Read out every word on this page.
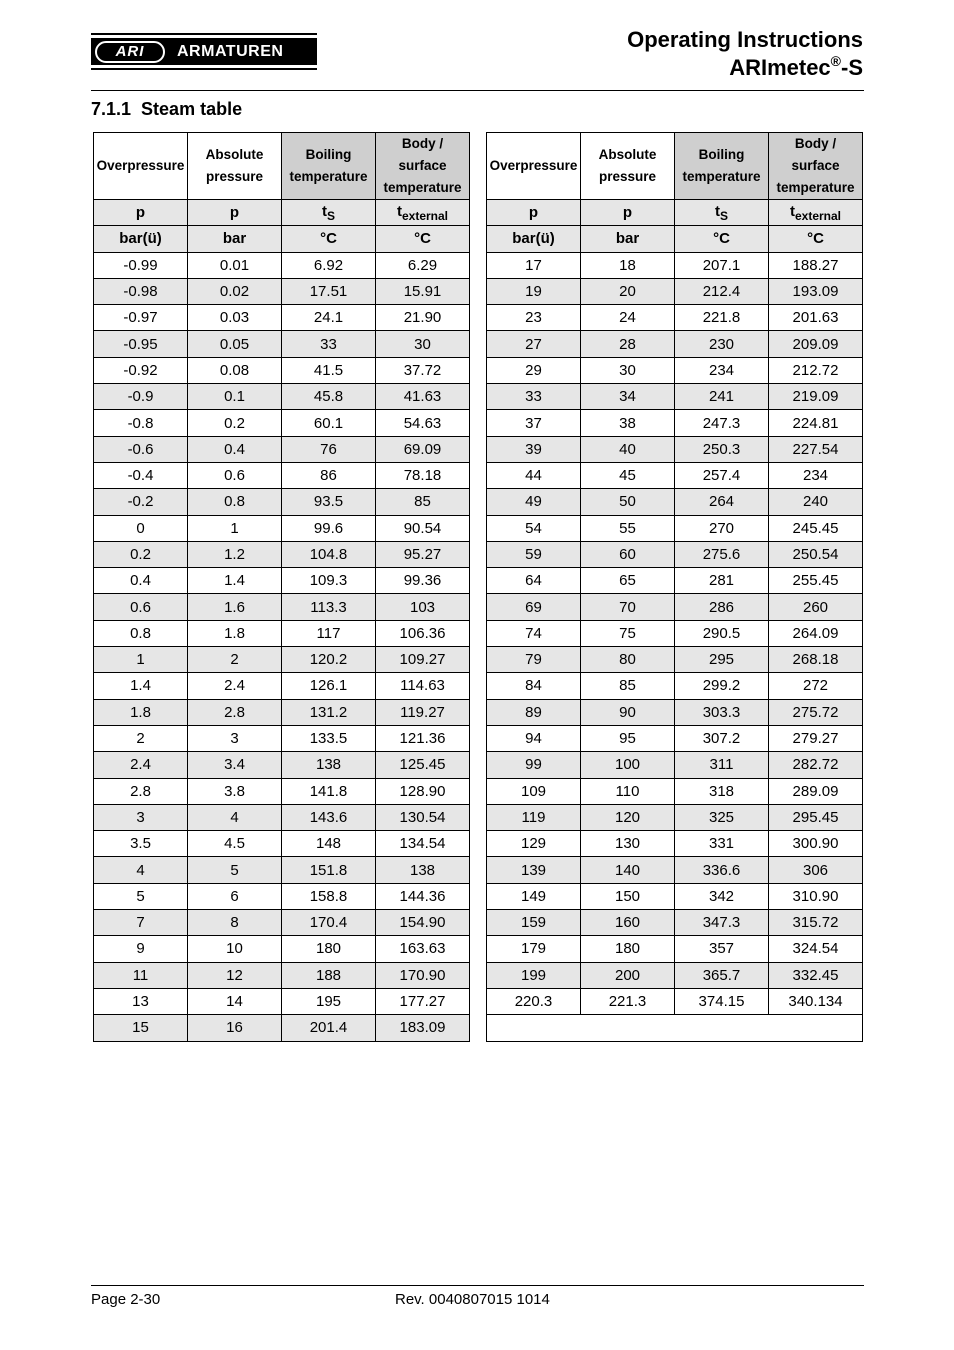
ARI	ARMATUREN	Operating Instructions
ARImetec®-S
7.1.1 Steam table
Overpressure	Absolute pressure	Boiling temperature	Body / surface temperature
p	p	$t_S$	$t_{external}$
bar(ü)	bar	°C	°C
-0.99	0.01	6.92	6.29
-0.98	0.02	17.51	15.91
-0.97	0.03	24.1	21.90
-0.95	0.05	33	30
-0.92	0.08	41.5	37.72
-0.9	0.1	45.8	41.63
-0.8	0.2	60.1	54.63
-0.6	0.4	76	69.09
-0.4	0.6	86	78.18
-0.2	0.8	93.5	85
0	1	99.6	90.54
0.2	1.2	104.8	95.27
0.4	1.4	109.3	99.36
0.6	1.6	113.3	103
0.8	1.8	117	106.36
1	2	120.2	109.27
1.4	2.4	126.1	114.63
1.8	2.8	131.2	119.27
2	3	133.5	121.36
2.4	3.4	138	125.45
2.8	3.8	141.8	128.90
3	4	143.6	130.54
3.5	4.5	148	134.54
4	5	151.8	138
5	6	158.8	144.36
7	8	170.4	154.90
9	10	180	163.63
11	12	188	170.90
13	14	195	177.27
15	16	201.4	183.09
Overpressure	Absolute pressure	Boiling temperature	Body / surface temperature
p	p	$t_S$	$t_{external}$
bar(ü)	bar	°C	°C
17	18	207.1	188.27
19	20	212.4	193.09
23	24	221.8	201.63
27	28	230	209.09
29	30	234	212.72
33	34	241	219.09
37	38	247.3	224.81
39	40	250.3	227.54
44	45	257.4	234
49	50	264	240
54	55	270	245.45
59	60	275.6	250.54
64	65	281	255.45
69	70	286	260
74	75	290.5	264.09
79	80	295	268.18
84	85	299.2	272
89	90	303.3	275.72
94	95	307.2	279.27
99	100	311	282.72
109	110	318	289.09
119	120	325	295.45
129	130	331	300.90
139	140	336.6	306
149	150	342	310.90
159	160	347.3	315.72
179	180	357	324.54
199	200	365.7	332.45
220.3	221.3	374.15	340.134

Page 2-30	Rev. 0040807015 1014
